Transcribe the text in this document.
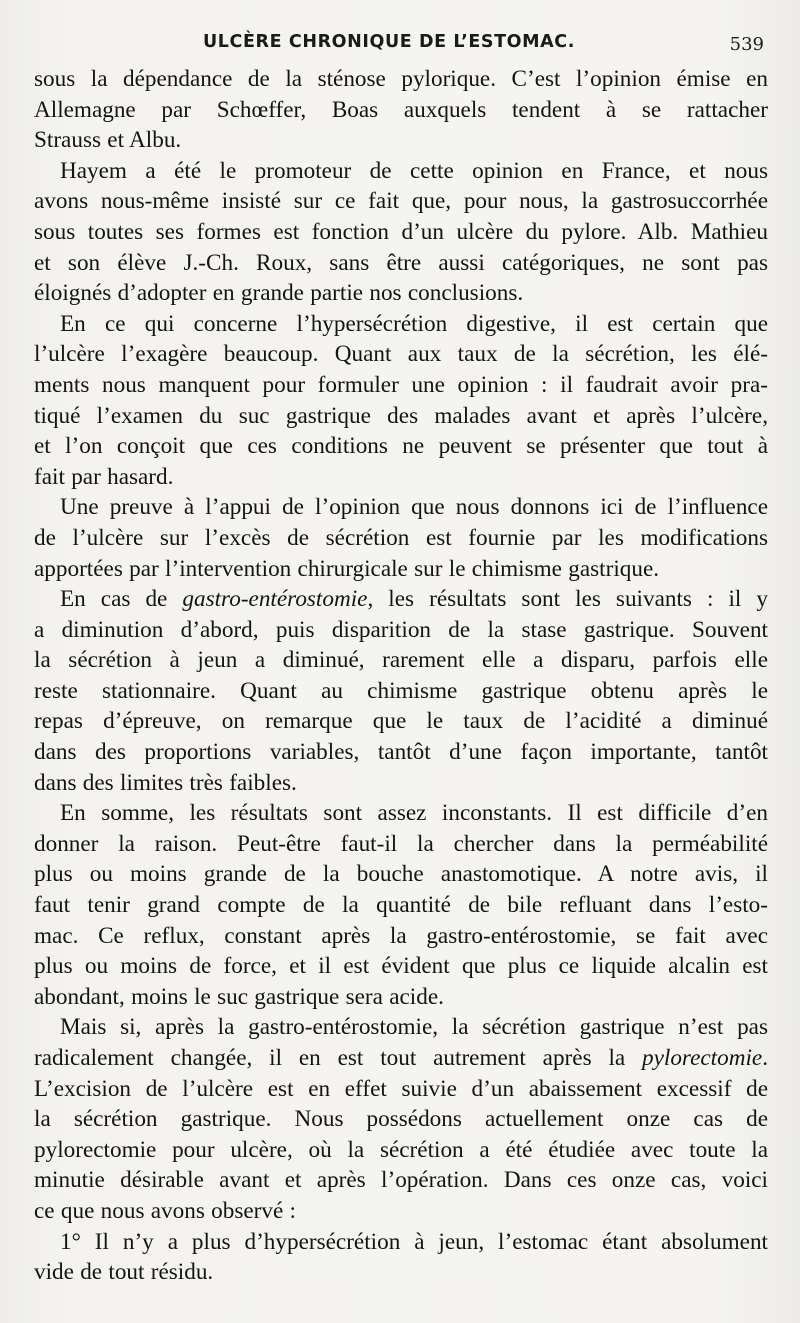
ULCÈRE CHRONIQUE DE L’ESTOMAC.	539

sous la dépendance de la sténose pylorique. C’est l’opinion émise en
Allemagne par Schœffer, Boas auxquels tendent à se rattacher
Strauss et Albu.

Hayem a été le promoteur de cette opinion en France, et nous
avons nous-même insisté sur ce fait que, pour nous, la gastrosuccorrhée
sous toutes ses formes est fonction d’un ulcère du pylore. Alb. Mathieu
et son élève J.-Ch. Roux, sans être aussi catégoriques, ne sont pas
éloignés d’adopter en grande partie nos conclusions.

En ce qui concerne l’hypersécrétion digestive, il est certain que
l’ulcère l’exagère beaucoup. Quant aux taux de la sécrétion, les élé-
ments nous manquent pour formuler une opinion : il faudrait avoir pra-
tiqué l’examen du suc gastrique des malades avant et après l’ulcère,
et l’on conçoit que ces conditions ne peuvent se présenter que tout à
fait par hasard.

Une preuve à l’appui de l’opinion que nous donnons ici de l’influence
de l’ulcère sur l’excès de sécrétion est fournie par les modifications
apportées par l’intervention chirurgicale sur le chimisme gastrique.

En cas de gastro-entérostomie, les résultats sont les suivants : il y
a diminution d’abord, puis disparition de la stase gastrique. Souvent
la sécrétion à jeun a diminué, rarement elle a disparu, parfois elle
reste stationnaire. Quant au chimisme gastrique obtenu après le
repas d’épreuve, on remarque que le taux de l’acidité a diminué
dans des proportions variables, tantôt d’une façon importante, tantôt
dans des limites très faibles.

En somme, les résultats sont assez inconstants. Il est difficile d’en
donner la raison. Peut-être faut-il la chercher dans la perméabilité
plus ou moins grande de la bouche anastomotique. A notre avis, il
faut tenir grand compte de la quantité de bile refluant dans l’esto-
mac. Ce reflux, constant après la gastro-entérostomie, se fait avec
plus ou moins de force, et il est évident que plus ce liquide alcalin est
abondant, moins le suc gastrique sera acide.

Mais si, après la gastro-entérostomie, la sécrétion gastrique n’est pas
radicalement changée, il en est tout autrement après la pylorectomie.
L’excision de l’ulcère est en effet suivie d’un abaissement excessif de
la sécrétion gastrique. Nous possédons actuellement onze cas de
pylorectomie pour ulcère, où la sécrétion a été étudiée avec toute la
minutie désirable avant et après l’opération. Dans ces onze cas, voici
ce que nous avons observé :

1° Il n’y a plus d’hypersécrétion à jeun, l’estomac étant absolument
vide de tout résidu.
